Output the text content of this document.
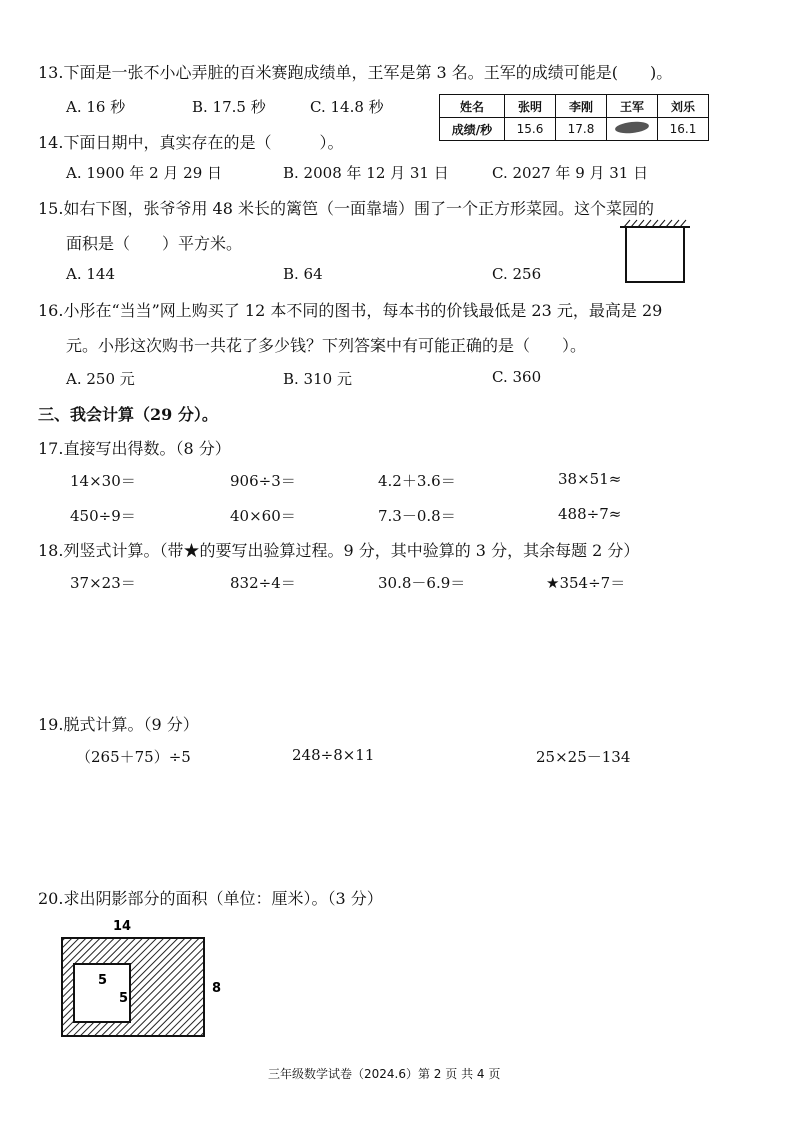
13.下面是一张不小心弄脏的百米赛跑成绩单，王军是第 3 名。王军的成绩可能是(　　)。
A. 16 秒	B. 17.5 秒	C. 14.8 秒	姓名	张明	李刚	王军	刘乐
成绩/秒	15.6	17.8		16.1
14.下面日期中，真实存在的是（　　　）。
A. 1900 年 2 月 29 日	B. 2008 年 12 月 31 日	C. 2027 年 9 月 31 日
15.如右下图，张爷爷用 48 米长的篱笆（一面靠墙）围了一个正方形菜园。这个菜园的
面积是（　　）平方米。
A. 144	B. 64	C. 256
16.小彤在“当当”网上购买了 12 本不同的图书，每本书的价钱最低是 23 元，最高是 29
元。小彤这次购书一共花了多少钱？下列答案中有可能正确的是（　　）。
A. 250 元	B. 310 元	C. 360
三、我会计算（29 分）。
17.直接写出得数。（8 分）
14×30＝	906÷3＝	4.2＋3.6＝	38×51≈
450÷9＝	40×60＝	7.3－0.8＝	488÷7≈
18.列竖式计算。（带★的要写出验算过程。9 分，其中验算的 3 分，其余每题 2 分）
37×23＝	832÷4＝	30.8－6.9＝	★354÷7＝
19.脱式计算。（9 分）
（265＋75）÷5	248÷8×11	25×25－134
20.求出阴影部分的面积（单位：厘米）。（3 分）
14
8
5
5
三年级数学试卷（2024.6）第 2 页 共 4 页
